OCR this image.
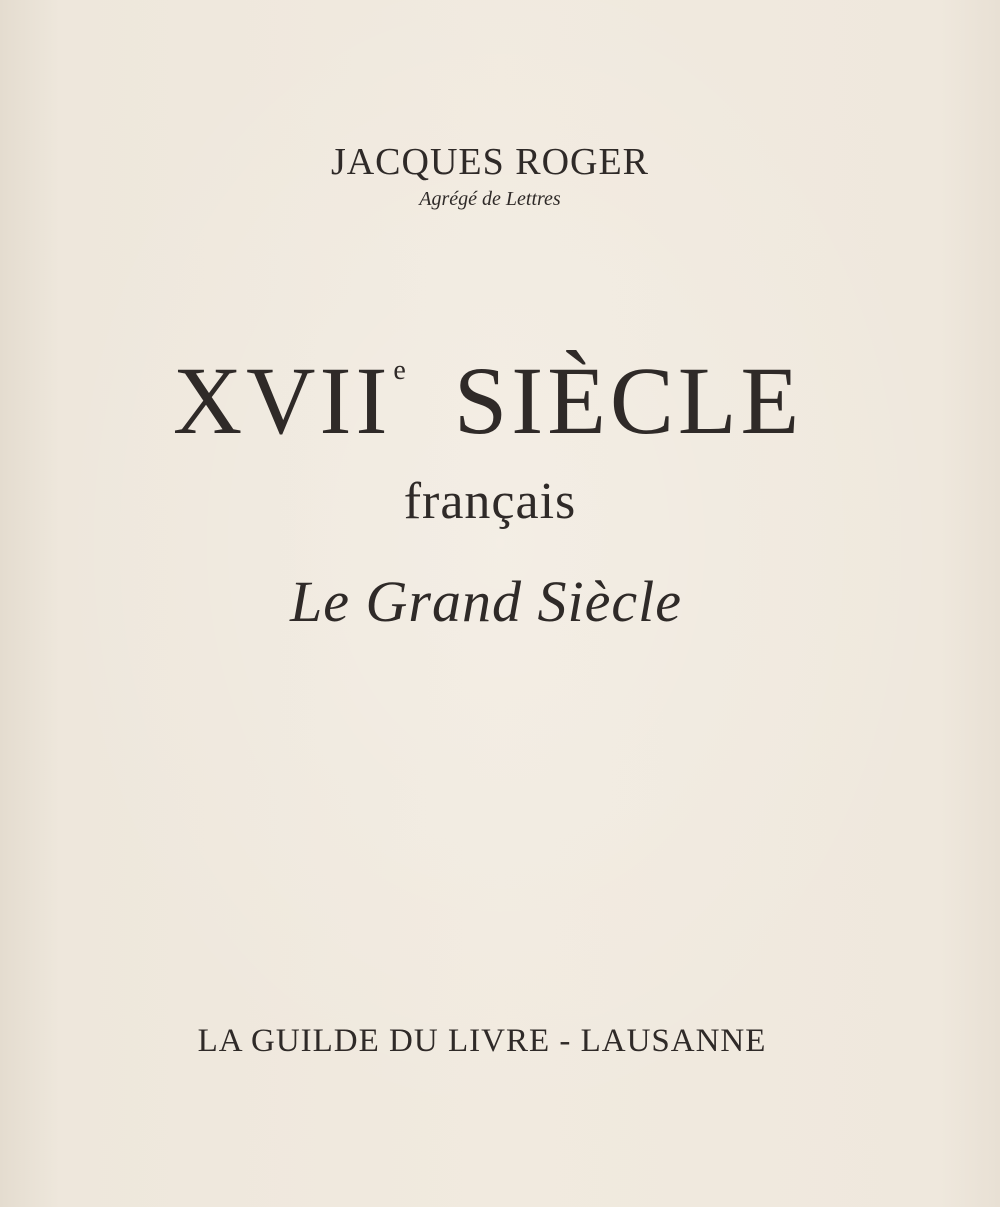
JACQUES ROGER
Agrégé de Lettres
XVIIe SIÈCLE
français
Le Grand Siècle
LA GUILDE DU LIVRE - LAUSANNE
